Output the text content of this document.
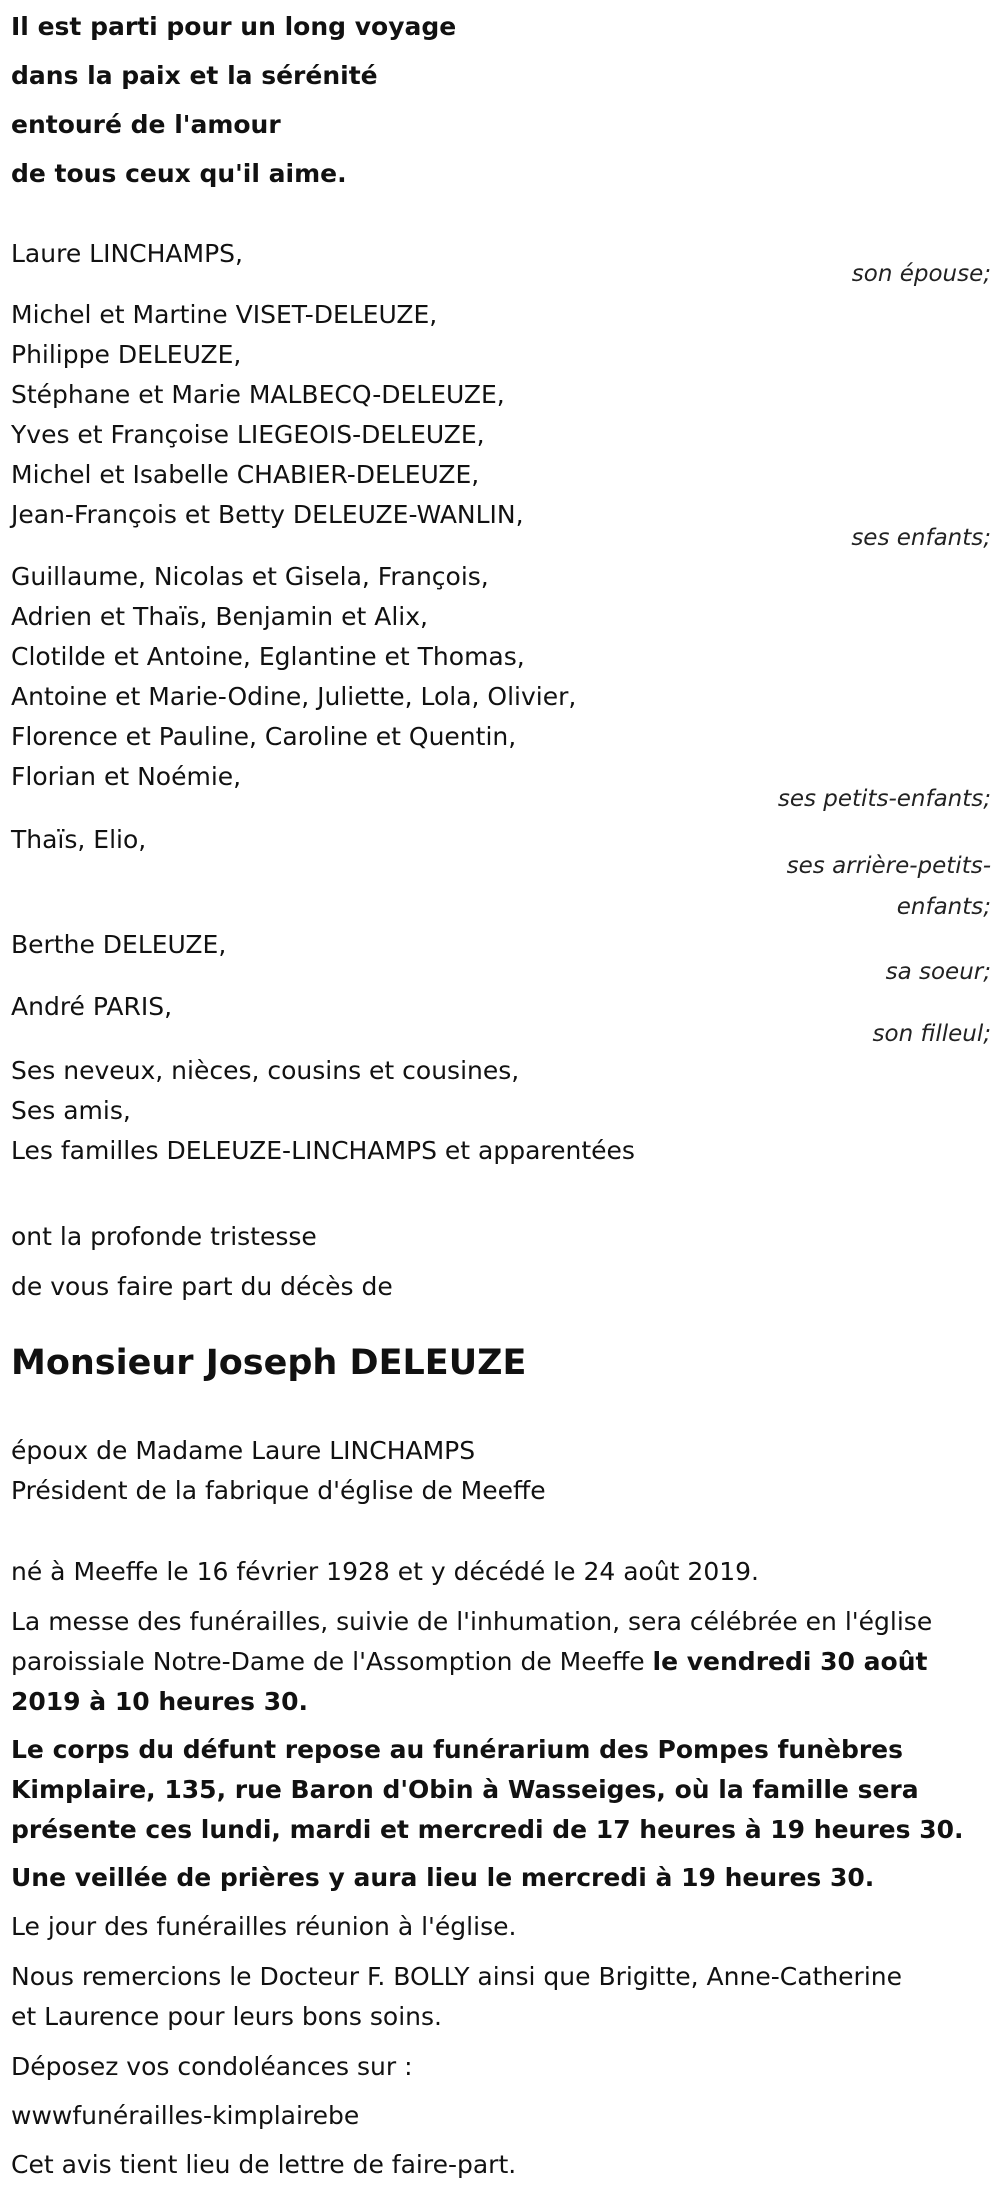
Il est parti pour un long voyage
dans la paix et la sérénité
entouré de l'amour
de tous ceux qu'il aime.
Laure LINCHAMPS,
son épouse;
Michel et Martine VISET-DELEUZE,
Philippe DELEUZE,
Stéphane et Marie MALBECQ-DELEUZE,
Yves et Françoise LIEGEOIS-DELEUZE,
Michel et Isabelle CHABIER-DELEUZE,
Jean-François et Betty DELEUZE-WANLIN,
ses enfants;
Guillaume, Nicolas et Gisela, François,
Adrien et Thaïs, Benjamin et Alix,
Clotilde et Antoine, Eglantine et Thomas,
Antoine et Marie-Odine, Juliette, Lola, Olivier,
Florence et Pauline, Caroline et Quentin,
Florian et Noémie,
ses petits-enfants;
Thaïs, Elio,
ses arrière-petits-
enfants;
Berthe DELEUZE,
sa soeur;
André PARIS,
son filleul;
Ses neveux, nièces, cousins et cousines,
Ses amis,
Les familles DELEUZE-LINCHAMPS et apparentées
ont la profonde tristesse
de vous faire part du décès de
Monsieur Joseph DELEUZE
époux de Madame Laure LINCHAMPS
Président de la fabrique d'église de Meeffe
né à Meeffe le 16 février 1928 et y décédé le 24 août 2019.
La messe des funérailles, suivie de l'inhumation, sera célébrée en l'église
paroissiale Notre-Dame de l'Assomption de Meeffe le vendredi 30 août
2019 à 10 heures 30.
Le corps du défunt repose au funérarium des Pompes funèbres
Kimplaire, 135, rue Baron d'Obin à Wasseiges, où la famille sera
présente ces lundi, mardi et mercredi de 17 heures à 19 heures 30.
Une veillée de prières y aura lieu le mercredi à 19 heures 30.
Le jour des funérailles réunion à l'église.
Nous remercions le Docteur F. BOLLY ainsi que Brigitte, Anne-Catherine
et Laurence pour leurs bons soins.
Déposez vos condoléances sur :
wwwfunérailles-kimplairebe
Cet avis tient lieu de lettre de faire-part.
